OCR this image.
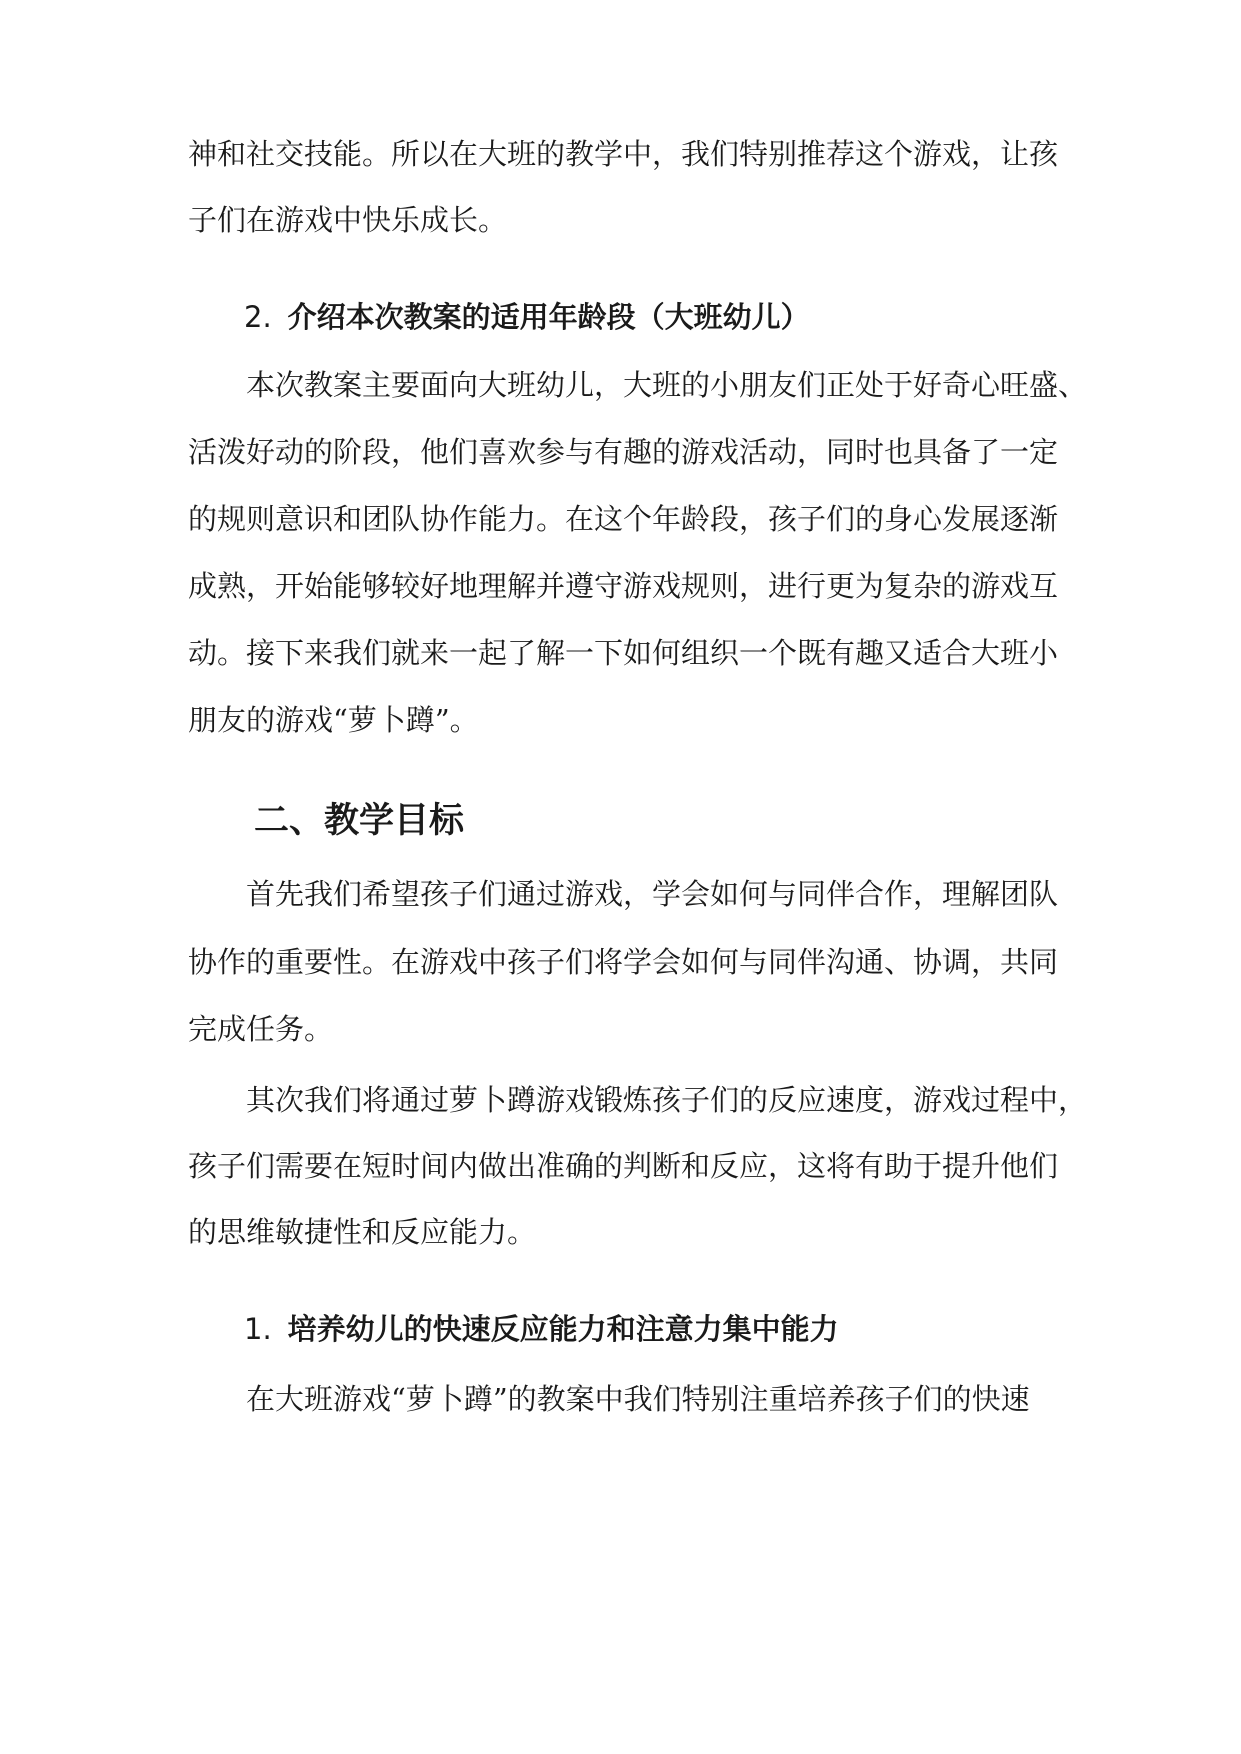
神和社交技能。所以在大班的教学中，我们特别推荐这个游戏，让孩
子们在游戏中快乐成长。
2. 介绍本次教案的适用年龄段（大班幼儿）
本次教案主要面向大班幼儿，大班的小朋友们正处于好奇心旺盛、
活泼好动的阶段，他们喜欢参与有趣的游戏活动，同时也具备了一定
的规则意识和团队协作能力。在这个年龄段，孩子们的身心发展逐渐
成熟，开始能够较好地理解并遵守游戏规则，进行更为复杂的游戏互
动。接下来我们就来一起了解一下如何组织一个既有趣又适合大班小
朋友的游戏“萝卜蹲”。
二、教学目标
首先我们希望孩子们通过游戏，学会如何与同伴合作，理解团队
协作的重要性。在游戏中孩子们将学会如何与同伴沟通、协调，共同
完成任务。
其次我们将通过萝卜蹲游戏锻炼孩子们的反应速度，游戏过程中，
孩子们需要在短时间内做出准确的判断和反应，这将有助于提升他们
的思维敏捷性和反应能力。
1. 培养幼儿的快速反应能力和注意力集中能力
在大班游戏“萝卜蹲”的教案中我们特别注重培养孩子们的快速
